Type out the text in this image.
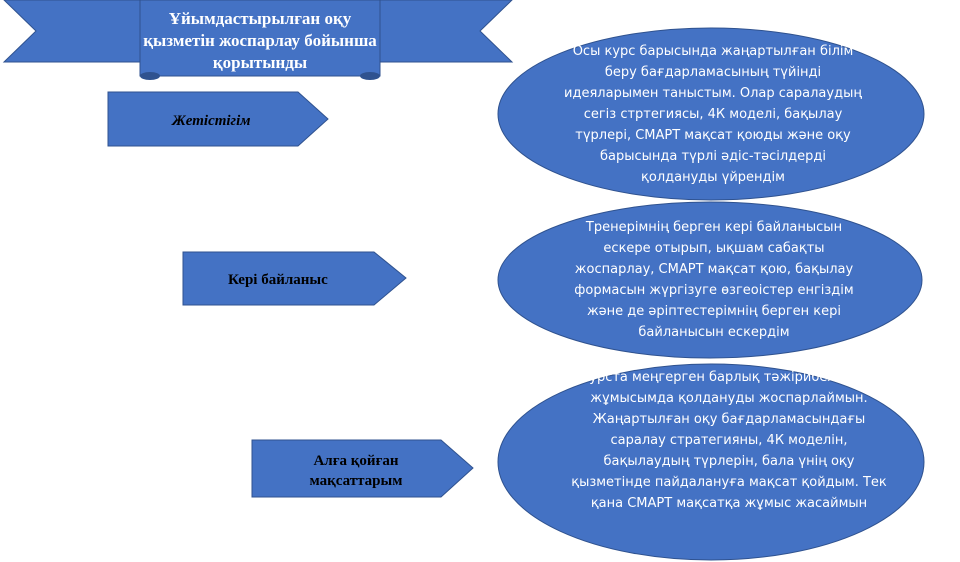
Ұйымдастырылған оқу қызметін жоспарлау бойынша қорытынды
Жетістігім
Кері байланыс
Алға қойған мақсаттарым
Осы курс барысында жаңартылған білім беру бағдарламасының түйінді идеяларымен таныстым. Олар саралаудың сегіз стртегиясы, 4К моделі, бақылау түрлері, СМАРТ мақсат қоюды және оқу барысында түрлі әдіс-тәсілдерді қолдануды үйрендім
Тренерімнің берген кері байланысын ескере отырып, ықшам сабақты жоспарлау, СМАРТ мақсат қою, бақылау формасын жүргізуге өзгеоістер енгіздім және де әріптестерімнің берген кері байланысын ескердім
Курста меңгерген барлық тәжірибелерімді жұмысымда қолдануды жоспарлаймын. Жаңартылған оқу бағдарламасындағы саралау стратегияны, 4К моделін, бақылаудың түрлерін, бала үнің оқу қызметінде пайдалануға мақсат қойдым. Тек қана СМАРТ мақсатқа жұмыс жасаймын
